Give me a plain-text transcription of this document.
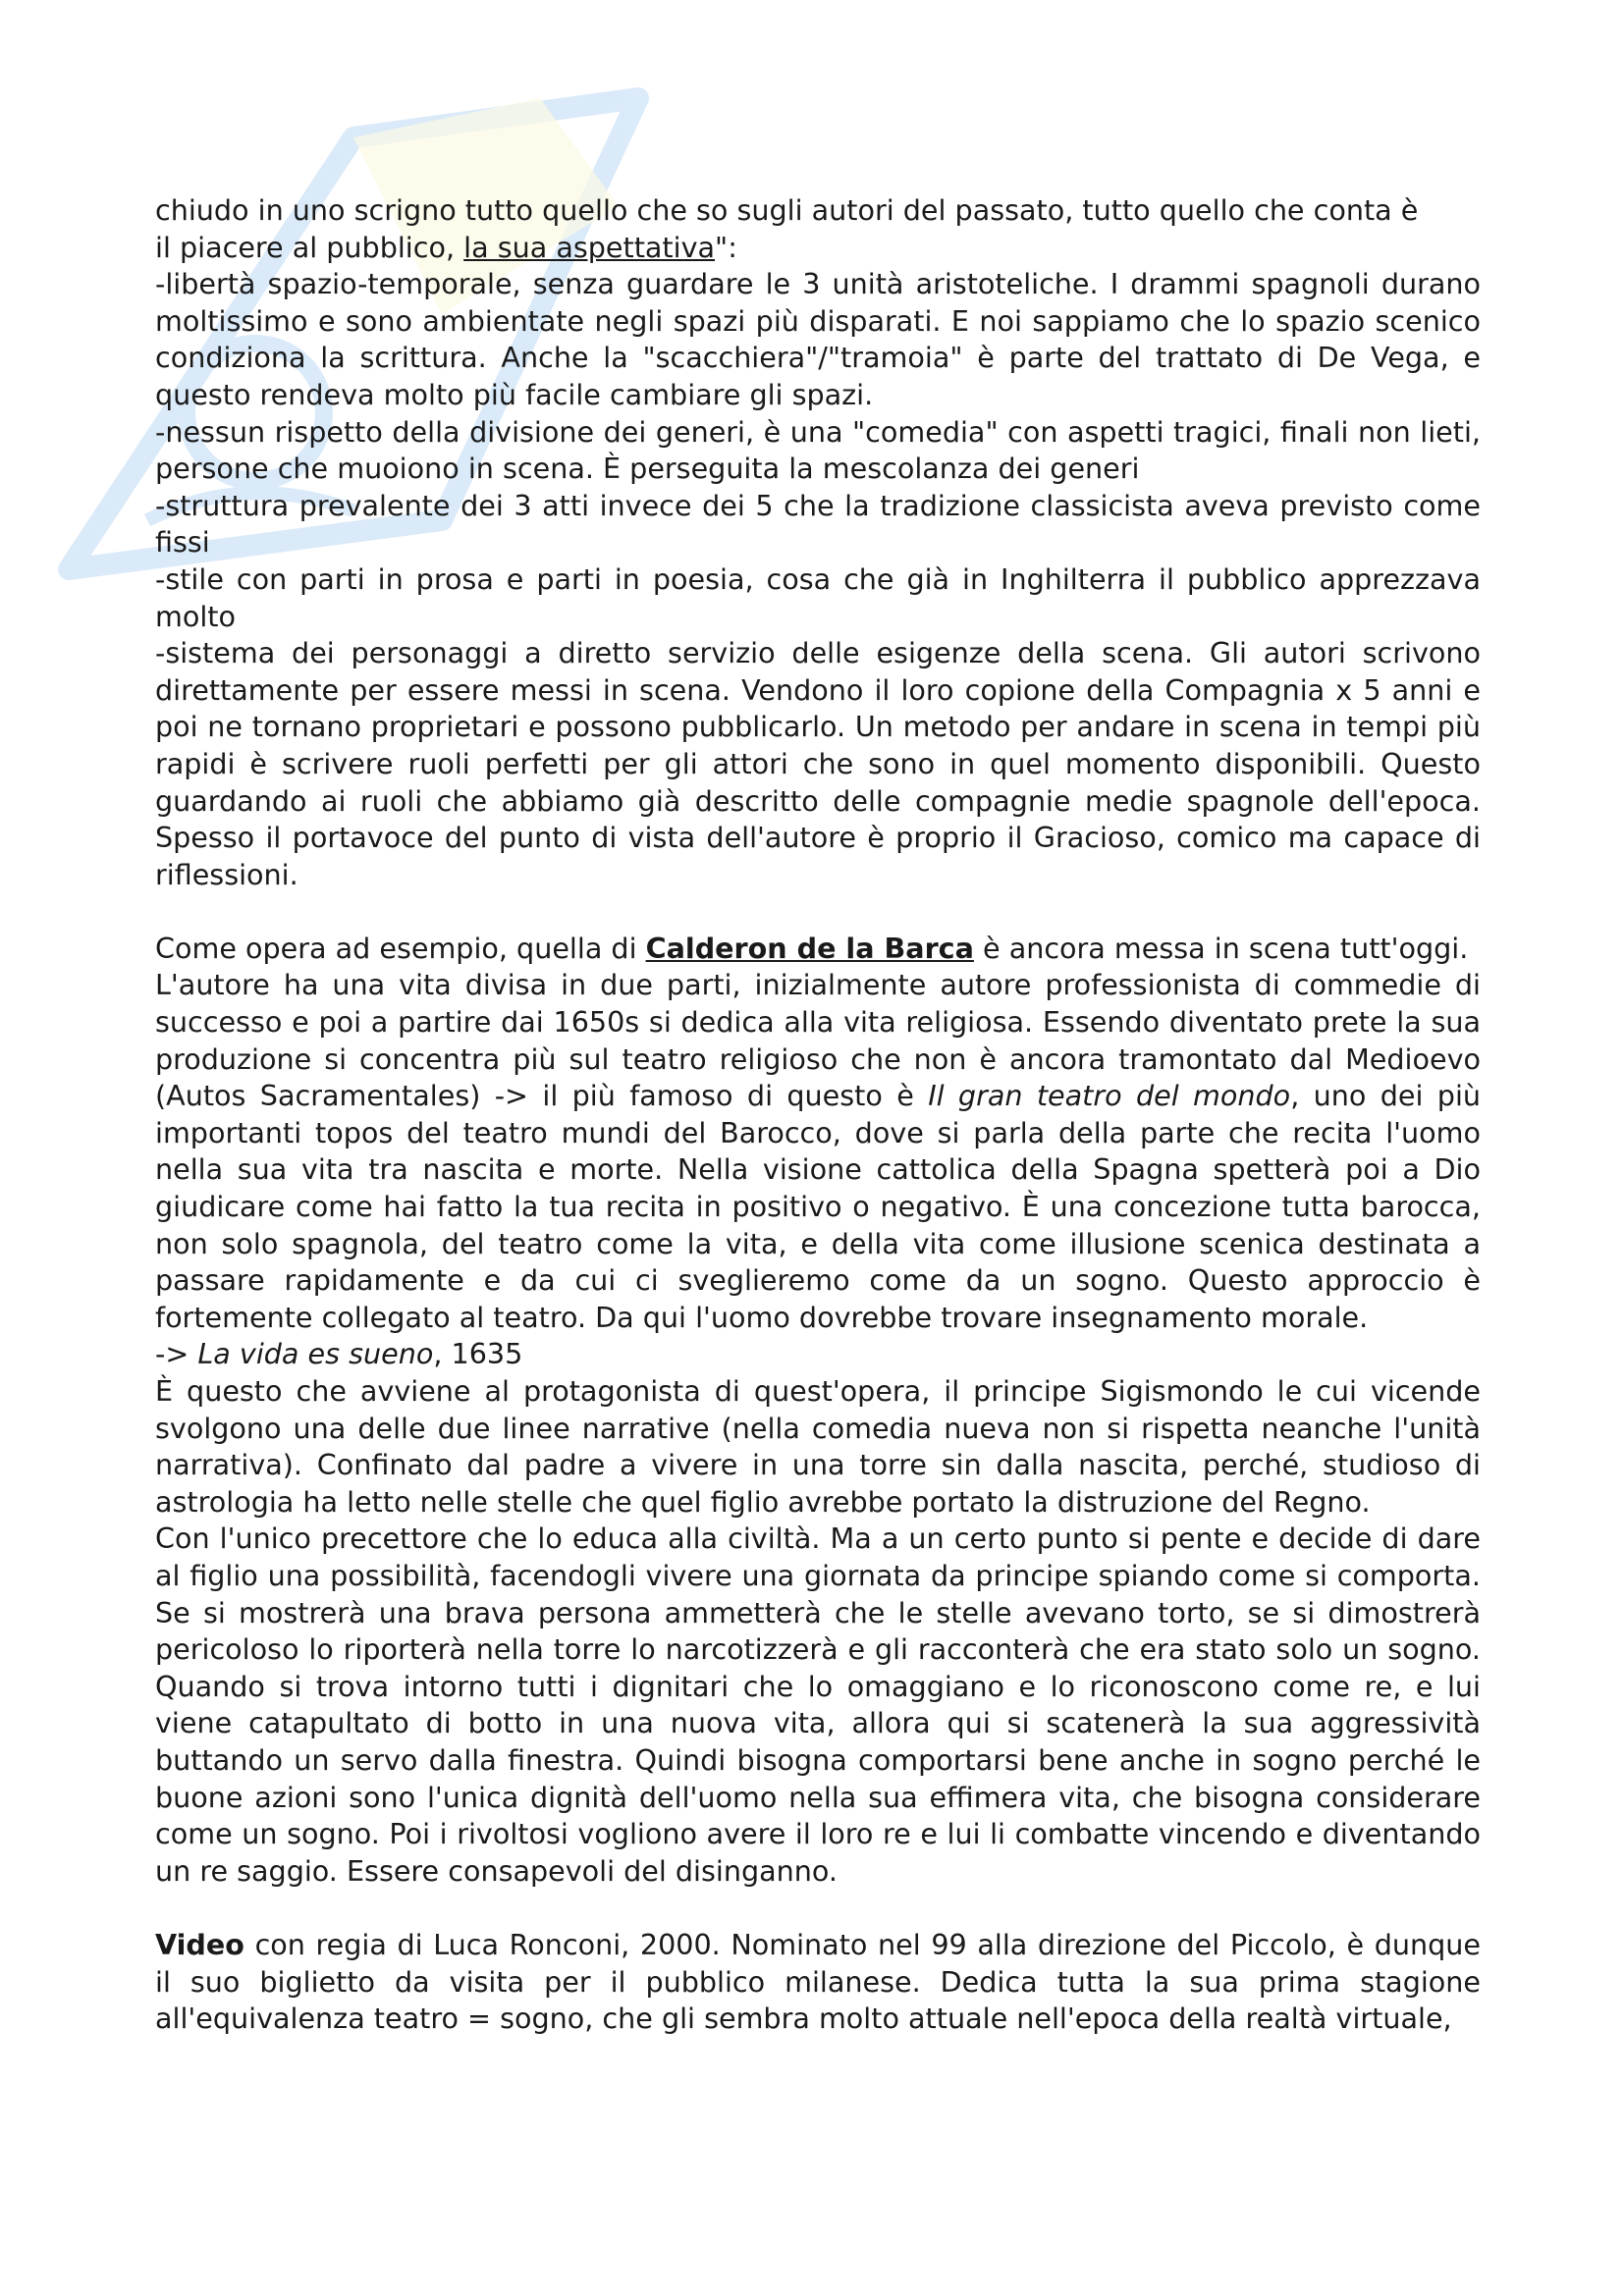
chiudo in uno scrigno tutto quello che so sugli autori del passato, tutto quello che conta è
il piacere al pubblico, la sua aspettativa":

-libertà spazio-temporale, senza guardare le 3 unità aristoteliche. I drammi spagnoli durano moltissimo e sono ambientate negli spazi più disparati. E noi sappiamo che lo spazio scenico condiziona la scrittura. Anche la "scacchiera"/"tramoia" è parte del trattato di De Vega, e questo rendeva molto più facile cambiare gli spazi.

-nessun rispetto della divisione dei generi, è una "comedia" con aspetti tragici, finali non lieti, persone che muoiono in scena. È perseguita la mescolanza dei generi

-struttura prevalente dei 3 atti invece dei 5 che la tradizione classicista aveva previsto come fissi

-stile con parti in prosa e parti in poesia, cosa che già in Inghilterra il pubblico apprezzava molto

-sistema dei personaggi a diretto servizio delle esigenze della scena. Gli autori scrivono direttamente per essere messi in scena. Vendono il loro copione della Compagnia x 5 anni e poi ne tornano proprietari e possono pubblicarlo. Un metodo per andare in scena in tempi più rapidi è scrivere ruoli perfetti per gli attori che sono in quel momento disponibili. Questo guardando ai ruoli che abbiamo già descritto delle compagnie medie spagnole dell'epoca. Spesso il portavoce del punto di vista dell'autore è proprio il Gracioso, comico ma capace di riflessioni.

Come opera ad esempio, quella di Calderon de la Barca è ancora messa in scena tutt'oggi.

L'autore ha una vita divisa in due parti, inizialmente autore professionista di commedie di successo e poi a partire dai 1650s si dedica alla vita religiosa. Essendo diventato prete la sua produzione si concentra più sul teatro religioso che non è ancora tramontato dal Medioevo (Autos Sacramentales) -> il più famoso di questo è Il gran teatro del mondo, uno dei più importanti topos del teatro mundi del Barocco, dove si parla della parte che recita l'uomo nella sua vita tra nascita e morte. Nella visione cattolica della Spagna spetterà poi a Dio giudicare come hai fatto la tua recita in positivo o negativo. È una concezione tutta barocca, non solo spagnola, del teatro come la vita, e della vita come illusione scenica destinata a passare rapidamente e da cui ci sveglieremo come da un sogno. Questo approccio è fortemente collegato al teatro. Da qui l'uomo dovrebbe trovare insegnamento morale.

-> La vida es sueno, 1635

È questo che avviene al protagonista di quest'opera, il principe Sigismondo le cui vicende svolgono una delle due linee narrative (nella comedia nueva non si rispetta neanche l'unità narrativa). Confinato dal padre a vivere in una torre sin dalla nascita, perché, studioso di astrologia ha letto nelle stelle che quel figlio avrebbe portato la distruzione del Regno.

Con l'unico precettore che lo educa alla civiltà. Ma a un certo punto si pente e decide di dare al figlio una possibilità, facendogli vivere una giornata da principe spiando come si comporta. Se si mostrerà una brava persona ammetterà che le stelle avevano torto, se si dimostrerà pericoloso lo riporterà nella torre lo narcotizzerà e gli racconterà che era stato solo un sogno. Quando si trova intorno tutti i dignitari che lo omaggiano e lo riconoscono come re, e lui viene catapultato di botto in una nuova vita, allora qui si scatenerà la sua aggressività buttando un servo dalla finestra. Quindi bisogna comportarsi bene anche in sogno perché le buone azioni sono l'unica dignità dell'uomo nella sua effimera vita, che bisogna considerare come un sogno. Poi i rivoltosi vogliono avere il loro re e lui li combatte vincendo e diventando un re saggio. Essere consapevoli del disinganno.

Video con regia di Luca Ronconi, 2000. Nominato nel 99 alla direzione del Piccolo, è dunque il suo biglietto da visita per il pubblico milanese. Dedica tutta la sua prima stagione all'equivalenza teatro = sogno, che gli sembra molto attuale nell'epoca della realtà virtuale,
